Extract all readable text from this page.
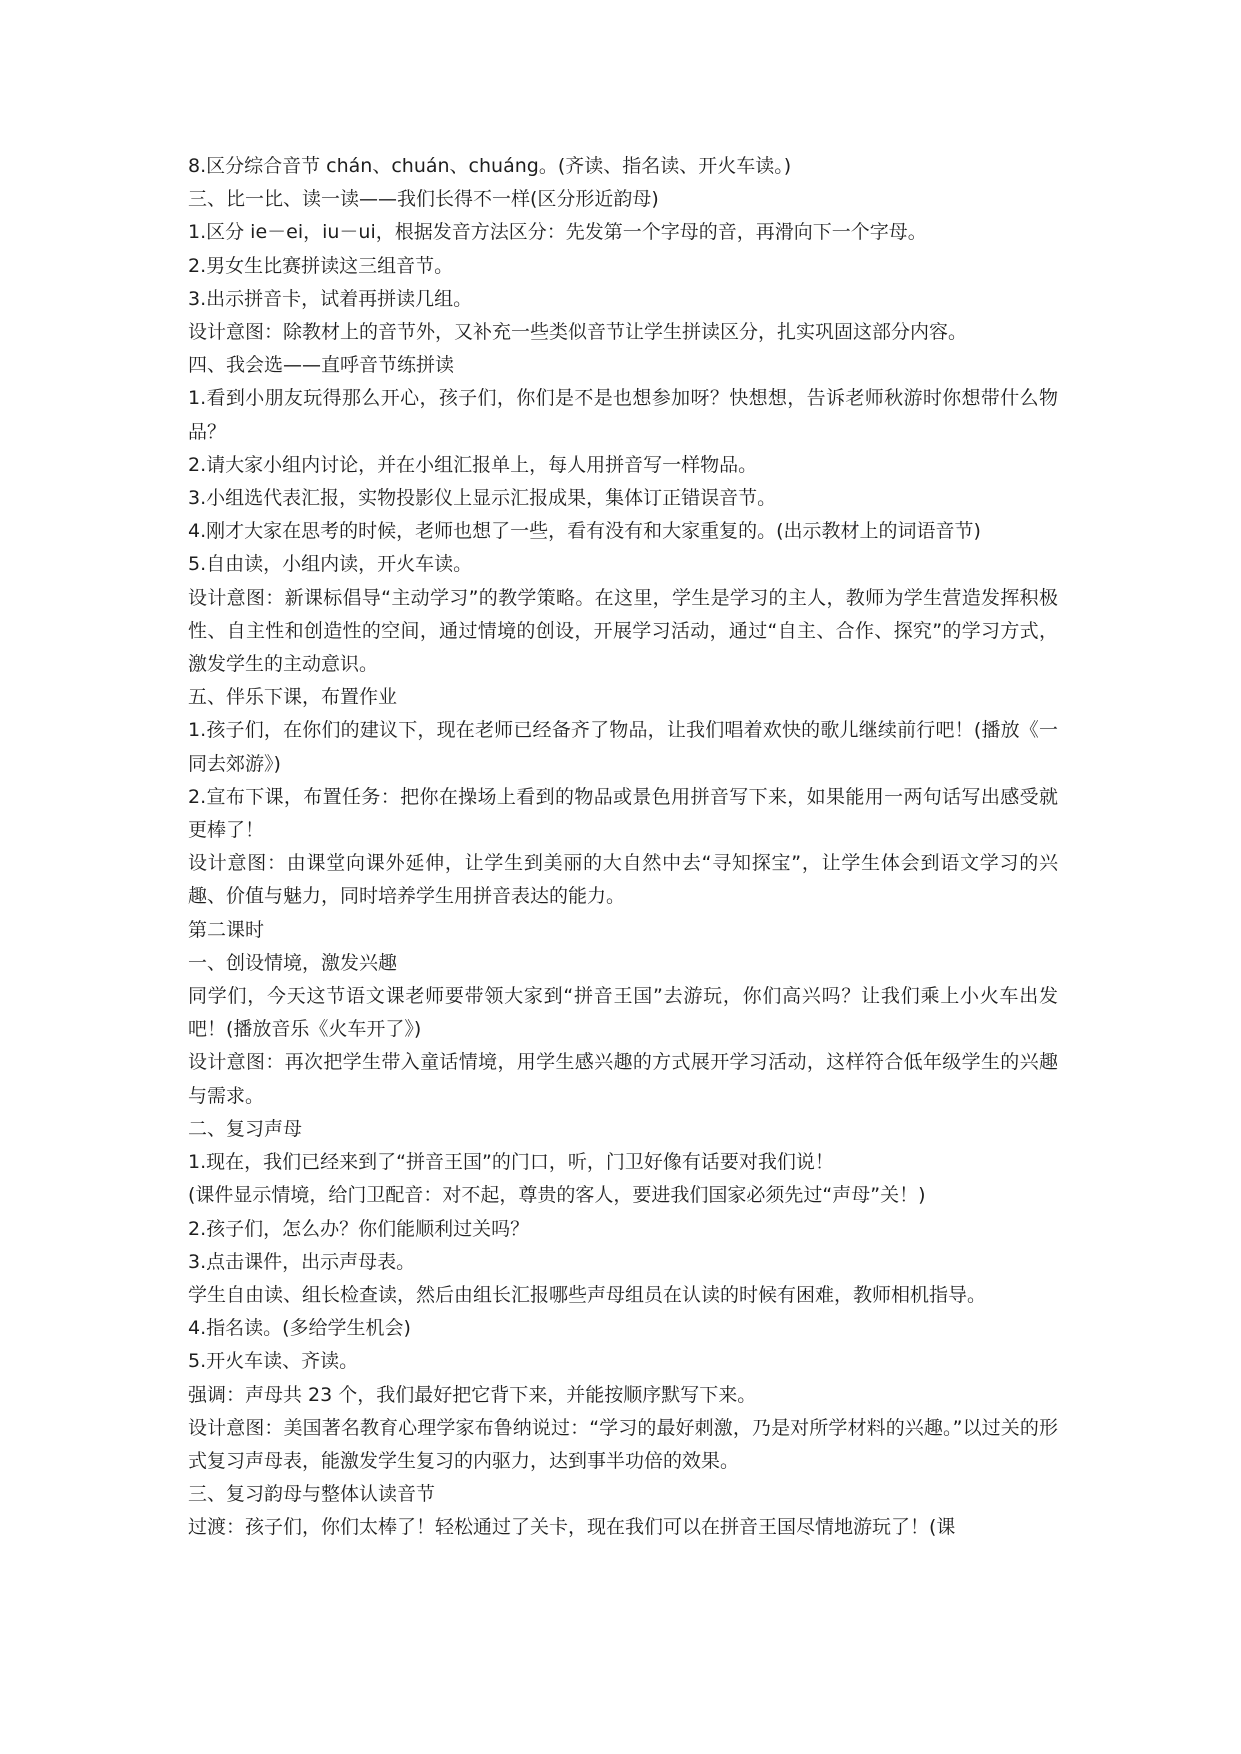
8.区分综合音节 chán、chuán、chuáng。(齐读、指名读、开火车读。)

三、比一比、读一读——我们长得不一样(区分形近韵母)

1.区分 ie－ei，iu－ui，根据发音方法区分：先发第一个字母的音，再滑向下一个字母。

2.男女生比赛拼读这三组音节。

3.出示拼音卡，试着再拼读几组。

设计意图：除教材上的音节外，又补充一些类似音节让学生拼读区分，扎实巩固这部分内容。

四、我会选——直呼音节练拼读

1.看到小朋友玩得那么开心，孩子们，你们是不是也想参加呀？快想想，告诉老师秋游时你想带什么物品？

2.请大家小组内讨论，并在小组汇报单上，每人用拼音写一样物品。

3.小组选代表汇报，实物投影仪上显示汇报成果，集体订正错误音节。

4.刚才大家在思考的时候，老师也想了一些，看有没有和大家重复的。(出示教材上的词语音节)

5.自由读，小组内读，开火车读。

设计意图：新课标倡导“主动学习”的教学策略。在这里，学生是学习的主人，教师为学生营造发挥积极性、自主性和创造性的空间，通过情境的创设，开展学习活动，通过“自主、合作、探究”的学习方式，激发学生的主动意识。

五、伴乐下课，布置作业

1.孩子们，在你们的建议下，现在老师已经备齐了物品，让我们唱着欢快的歌儿继续前行吧！(播放《一同去郊游》)

2.宣布下课，布置任务：把你在操场上看到的物品或景色用拼音写下来，如果能用一两句话写出感受就更棒了！

设计意图：由课堂向课外延伸，让学生到美丽的大自然中去“寻知探宝”，让学生体会到语文学习的兴趣、价值与魅力，同时培养学生用拼音表达的能力。

第二课时

一、创设情境，激发兴趣

同学们，今天这节语文课老师要带领大家到“拼音王国”去游玩，你们高兴吗？让我们乘上小火车出发吧！(播放音乐《火车开了》)

设计意图：再次把学生带入童话情境，用学生感兴趣的方式展开学习活动，这样符合低年级学生的兴趣与需求。

二、复习声母

1.现在，我们已经来到了“拼音王国”的门口，听，门卫好像有话要对我们说！

(课件显示情境，给门卫配音：对不起，尊贵的客人，要进我们国家必须先过“声母”关！)

2.孩子们，怎么办？你们能顺利过关吗？

3.点击课件，出示声母表。

学生自由读、组长检查读，然后由组长汇报哪些声母组员在认读的时候有困难，教师相机指导。

4.指名读。(多给学生机会)

5.开火车读、齐读。

强调：声母共 23 个，我们最好把它背下来，并能按顺序默写下来。

设计意图：美国著名教育心理学家布鲁纳说过：“学习的最好刺激，乃是对所学材料的兴趣。”以过关的形式复习声母表，能激发学生复习的内驱力，达到事半功倍的效果。

三、复习韵母与整体认读音节

过渡：孩子们，你们太棒了！轻松通过了关卡，现在我们可以在拼音王国尽情地游玩了！(课
